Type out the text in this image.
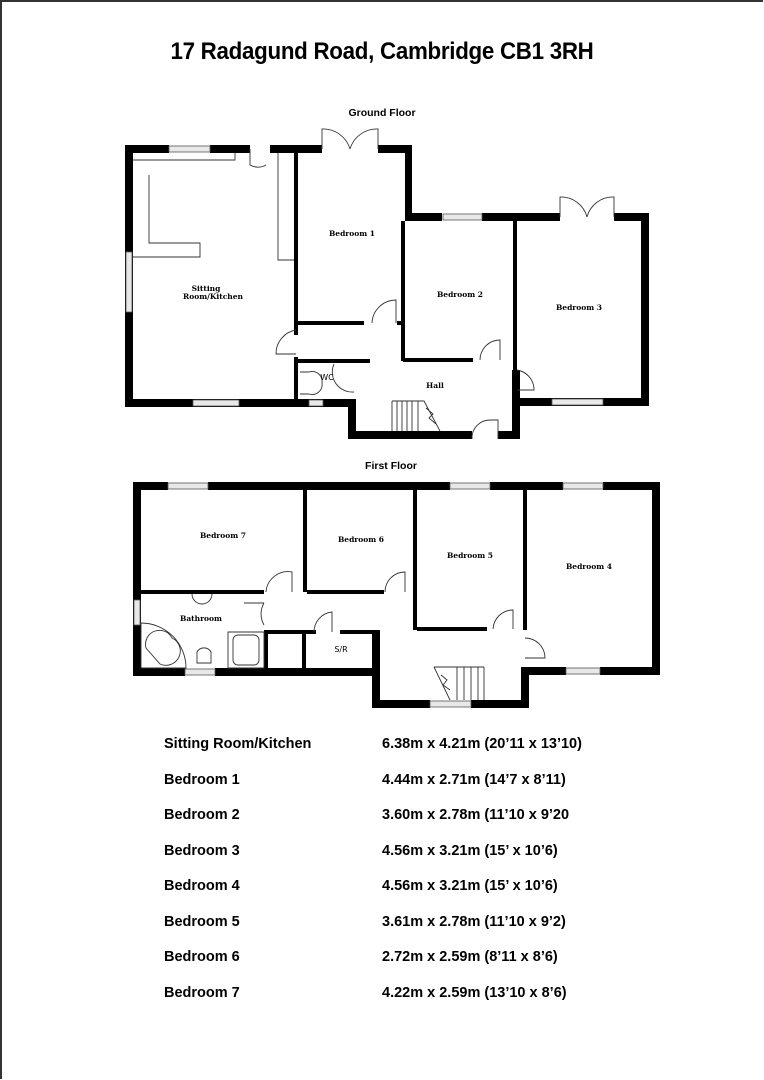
17 Radagund Road, Cambridge CB1 3RH
Ground Floor
First Floor
Sitting
Room/Kitchen
Bedroom 1
Bedroom 2
Bedroom 3
Hall
WC
Bedroom 7	Bedroom 6
Bedroom 5
Bedroom 4
Bathroom
S/R
Sitting Room/Kitchen	6.38m x 4.21m (20’11 x 13’10)
Bedroom 1	4.44m x 2.71m (14’7 x 8’11)
Bedroom 2	3.60m x 2.78m (11’10 x 9’20
Bedroom 3	4.56m x 3.21m (15’ x 10’6)
Bedroom 4	4.56m x 3.21m (15’ x 10’6)
Bedroom 5	3.61m x 2.78m (11’10 x 9’2)
Bedroom 6	2.72m x 2.59m (8’11 x 8’6)
Bedroom 7	4.22m x 2.59m (13’10 x 8’6)
